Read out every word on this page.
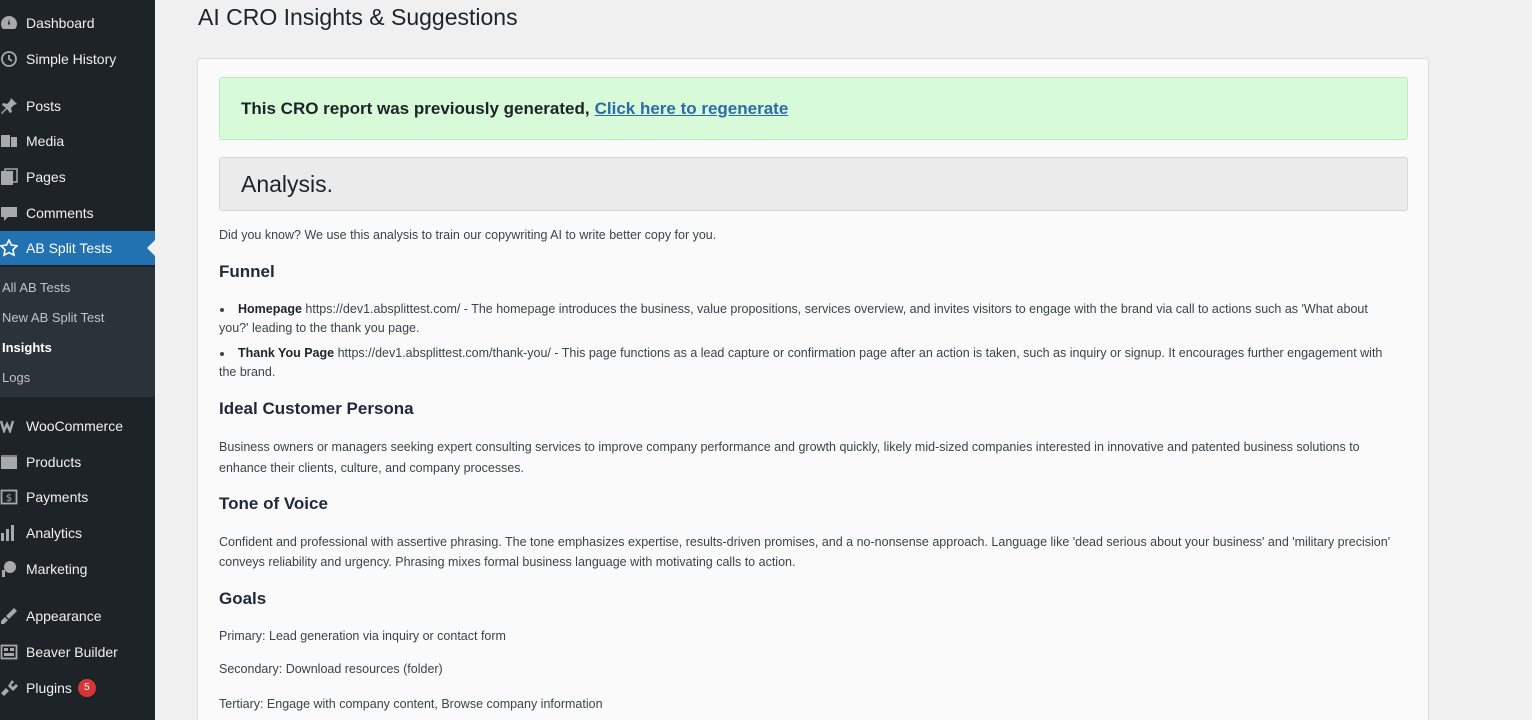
Dashboard
Simple History
Posts
Media
Pages
Comments
AB Split Tests
All AB Tests
New AB Split Test
Insights
Logs
WooCommerce
Products
$ Payments
Analytics
Marketing
Appearance
Beaver Builder
Plugins	5
AI CRO Insights & Suggestions
This CRO report was previously generated, Click here to regenerate
Analysis.
Did you know? We use this analysis to train our copywriting AI to write better copy for you.
Funnel
Homepage https://dev1.absplittest.com/ - The homepage introduces the business, value propositions, services overview, and invites visitors to engage with the brand via call to actions such as 'What about you?' leading to the thank you page.
Thank You Page https://dev1.absplittest.com/thank-you/ - This page functions as a lead capture or confirmation page after an action is taken, such as inquiry or signup. It encourages further engagement with the brand.
Ideal Customer Persona
Business owners or managers seeking expert consulting services to improve company performance and growth quickly, likely mid-sized companies interested in innovative and patented business solutions to enhance their clients, culture, and company processes.
Tone of Voice
Confident and professional with assertive phrasing. The tone emphasizes expertise, results-driven promises, and a no-nonsense approach. Language like 'dead serious about your business' and 'military precision' conveys reliability and urgency. Phrasing mixes formal business language with motivating calls to action.
Goals
Primary: Lead generation via inquiry or contact form
Secondary: Download resources (folder)
Tertiary: Engage with company content, Browse company information
